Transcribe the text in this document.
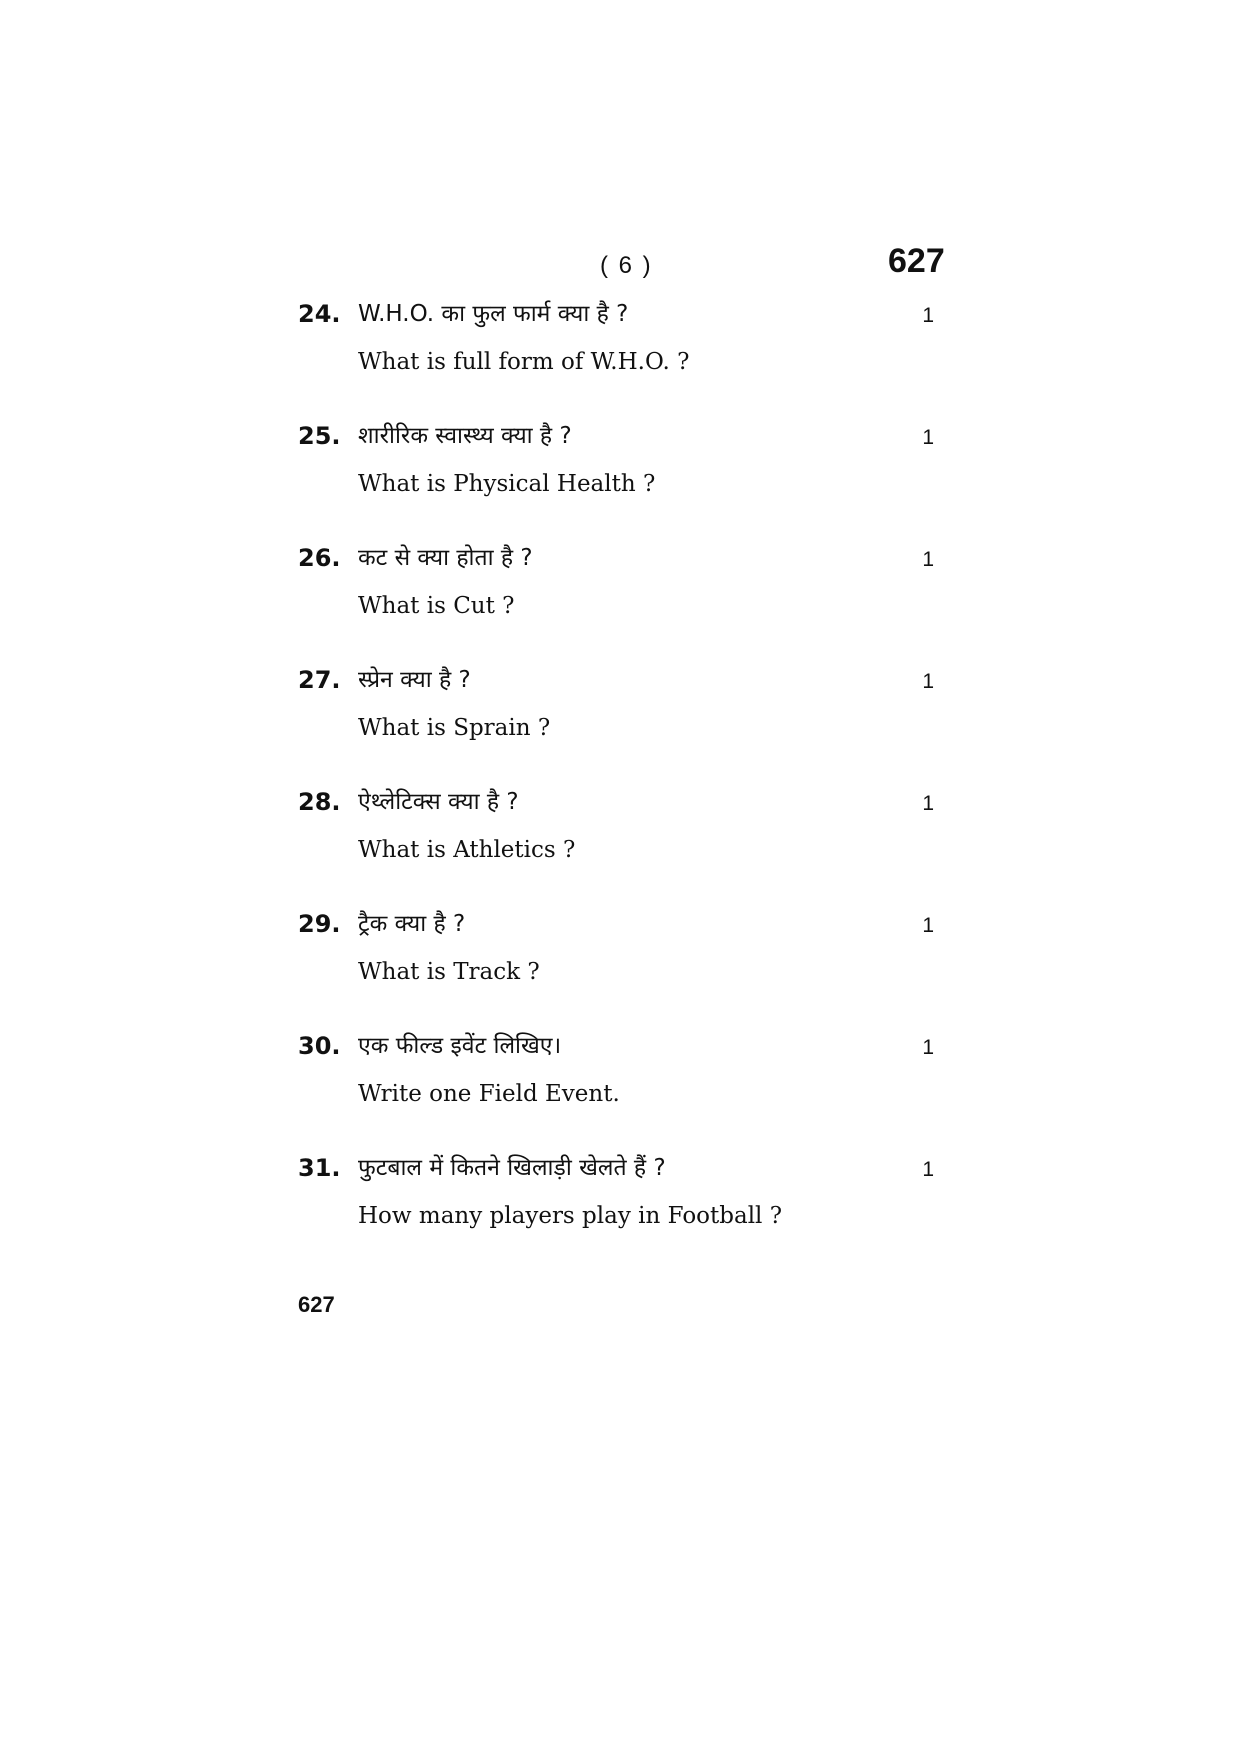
( 6 )	627
24. W.H.O. का फुल फार्म क्या है ?	1
What is full form of W.H.O. ?
25. शारीरिक स्वास्थ्य क्या है ?	1
What is Physical Health ?
26. कट से क्या होता है ?	1
What is Cut ?
27. स्प्रेन क्या है ?	1
What is Sprain ?
28. ऐथ्लेटिक्स क्या है ?	1
What is Athletics ?
29. ट्रैक क्या है ?	1
What is Track ?
30. एक फील्ड इवेंट लिखिए।	1
Write one Field Event.
31. फुटबाल में कितने खिलाड़ी खेलते हैं ?	1
How many players play in Football ?
627
